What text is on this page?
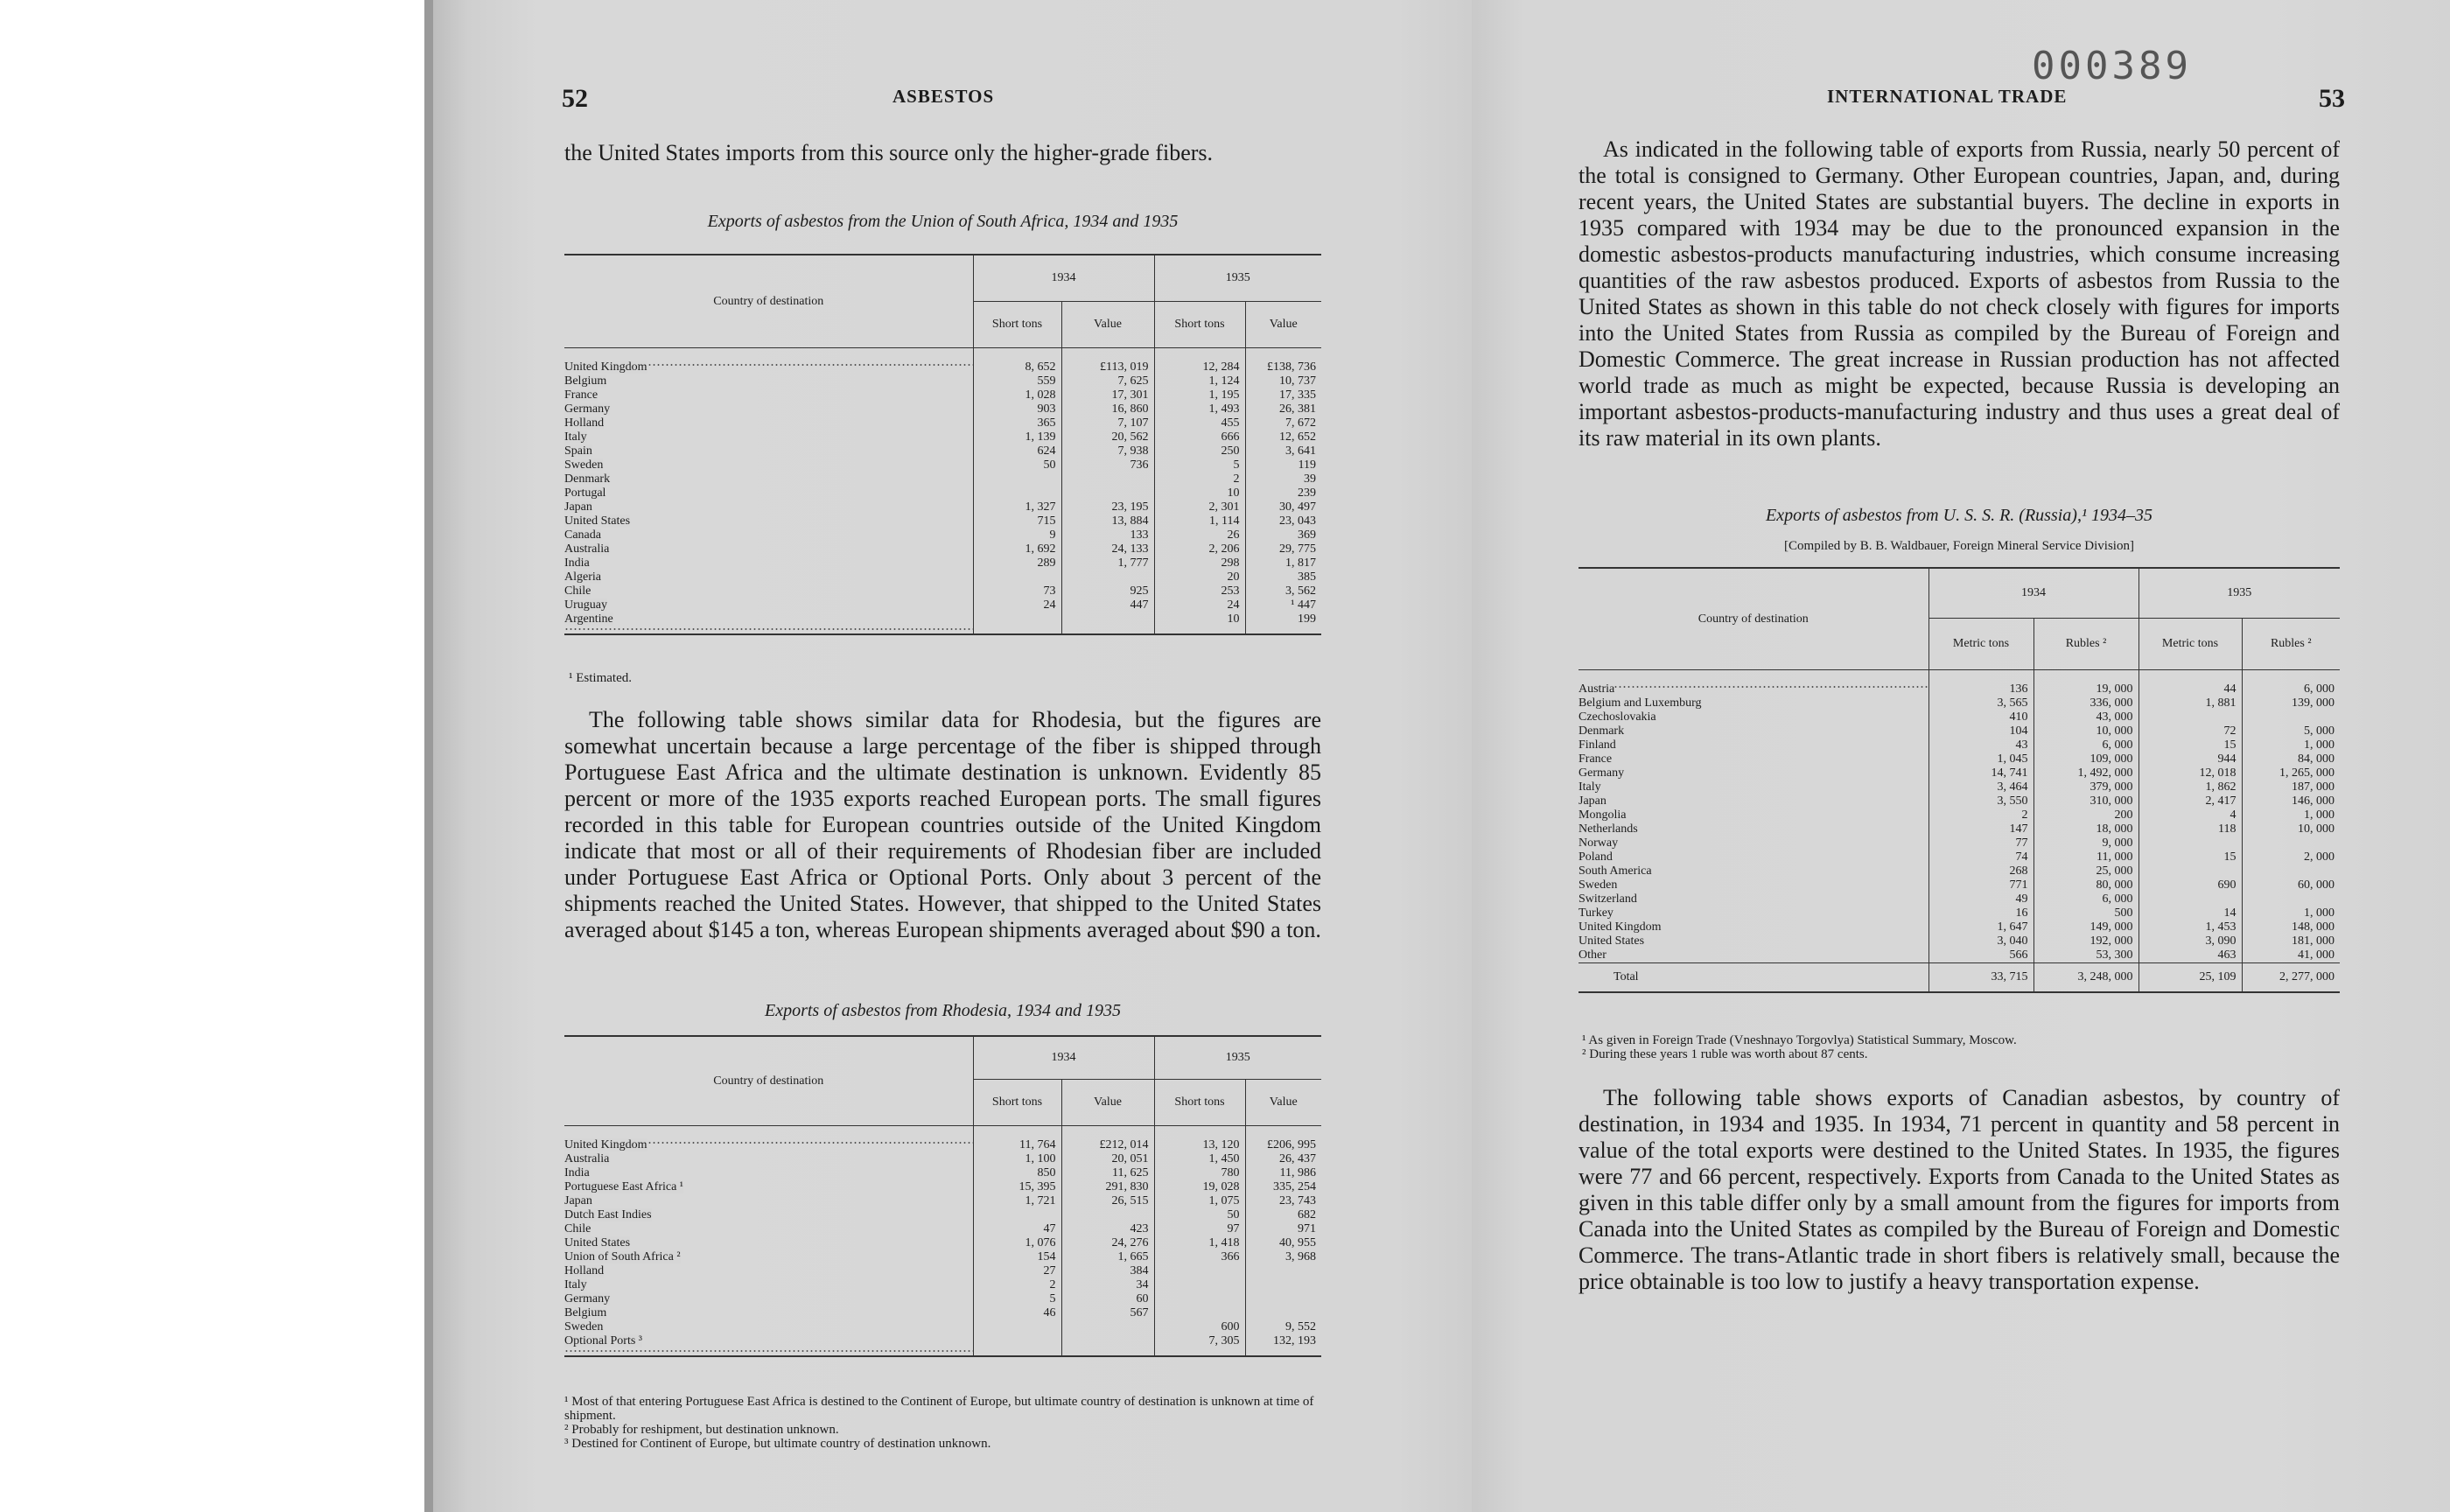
52	ASBESTOS

the United States imports from this source only the higher-grade fibers.

Exports of asbestos from the Union of South Africa, 1934 and 1935
Country of destination	1934		1935	
	Short tons	Value	Short tons	Value
United Kingdom	8, 652	£113, 019	12, 284	£138, 736
Belgium	559	7, 625	1, 124	10, 737
France	1, 028	17, 301	1, 195	17, 335
Germany	903	16, 860	1, 493	26, 381
Holland	365	7, 107	455	7, 672
Italy	1, 139	20, 562	666	12, 652
Spain	624	7, 938	250	3, 641
Sweden	50	736	5	119
Denmark			2	39
Portugal			10	239
Japan	1, 327	23, 195	2, 301	30, 497
United States	715	13, 884	1, 114	23, 043
Canada	9	133	26	369
Australia	1, 692	24, 133	2, 206	29, 775
India	289	1, 777	298	1, 817
Algeria			20	385
Chile	73	925	253	3, 562
Uruguay	24	447	24	¹ 447
Argentine			10	199
¹ Estimated.

The following table shows similar data for Rhodesia, but the figures are somewhat uncertain because a large percentage of the fiber is shipped through Portuguese East Africa and the ultimate destination is unknown. Evidently 85 percent or more of the 1935 exports reached European ports. The small figures recorded in this table for European countries outside of the United Kingdom indicate that most or all of their requirements of Rhodesian fiber are included under Portuguese East Africa or Optional Ports. Only about 3 percent of the shipments reached the United States. However, that shipped to the United States averaged about $145 a ton, whereas European shipments averaged about $90 a ton.

Exports of asbestos from Rhodesia, 1934 and 1935
Country of destination	1934		1935	
	Short tons	Value	Short tons	Value
United Kingdom	11, 764	£212, 014	13, 120	£206, 995
Australia	1, 100	20, 051	1, 450	26, 437
India	850	11, 625	780	11, 986
Portuguese East Africa ¹	15, 395	291, 830	19, 028	335, 254
Japan	1, 721	26, 515	1, 075	23, 743
Dutch East Indies			50	682
Chile	47	423	97	971
United States	1, 076	24, 276	1, 418	40, 955
Union of South Africa ²	154	1, 665	366	3, 968
Holland	27	384		
Italy	2	34		
Germany	5	60		
Belgium	46	567		
Sweden			600	9, 552
Optional Ports ³			7, 305	132, 193
¹ Most of that entering Portuguese East Africa is destined to the Continent of Europe, but ultimate country of destination is unknown at time of shipment.
² Probably for reshipment, but destination unknown.
³ Destined for Continent of Europe, but ultimate country of destination unknown.
000389
INTERNATIONAL TRADE	53

As indicated in the following table of exports from Russia, nearly 50 percent of the total is consigned to Germany. Other European countries, Japan, and, during recent years, the United States are substantial buyers. The decline in exports in 1935 compared with 1934 may be due to the pronounced expansion in the domestic asbestos-products manufacturing industries, which consume increasing quantities of the raw asbestos produced. Exports of asbestos from Russia to the United States as shown in this table do not check closely with figures for imports into the United States from Russia as compiled by the Bureau of Foreign and Domestic Commerce. The great increase in Russian production has not affected world trade as much as might be expected, because Russia is developing an important asbestos-products-manufacturing industry and thus uses a great deal of its raw material in its own plants.

Exports of asbestos from U. S. S. R. (Russia),¹ 1934–35
[Compiled by B. B. Waldbauer, Foreign Mineral Service Division]
Country of destination	1934		1935	
	Metric tons	Rubles ²	Metric tons	Rubles ²
Austria	136	19, 000	44	6, 000
Belgium and Luxemburg	3, 565	336, 000	1, 881	139, 000
Czechoslovakia	410	43, 000		
Denmark	104	10, 000	72	5, 000
Finland	43	6, 000	15	1, 000
France	1, 045	109, 000	944	84, 000
Germany	14, 741	1, 492, 000	12, 018	1, 265, 000
Italy	3, 464	379, 000	1, 862	187, 000
Japan	3, 550	310, 000	2, 417	146, 000
Mongolia	2	200	4	1, 000
Netherlands	147	18, 000	118	10, 000
Norway	77	9, 000		
Poland	74	11, 000	15	2, 000
South America	268	25, 000		
Sweden	771	80, 000	690	60, 000
Switzerland	49	6, 000		
Turkey	16	500	14	1, 000
United Kingdom	1, 647	149, 000	1, 453	148, 000
United States	3, 040	192, 000	3, 090	181, 000
Other	566	53, 300	463	41, 000
Total	33, 715	3, 248, 000	25, 109	2, 277, 000
¹ As given in Foreign Trade (Vneshnayo Torgovlya) Statistical Summary, Moscow.
² During these years 1 ruble was worth about 87 cents.

The following table shows exports of Canadian asbestos, by country of destination, in 1934 and 1935. In 1934, 71 percent in quantity and 58 percent in value of the total exports were destined to the United States. In 1935, the figures were 77 and 66 percent, respectively. Exports from Canada to the United States as given in this table differ only by a small amount from the figures for imports from Canada into the United States as compiled by the Bureau of Foreign and Domestic Commerce. The trans-Atlantic trade in short fibers is relatively small, because the price obtainable is too low to justify a heavy transportation expense.
